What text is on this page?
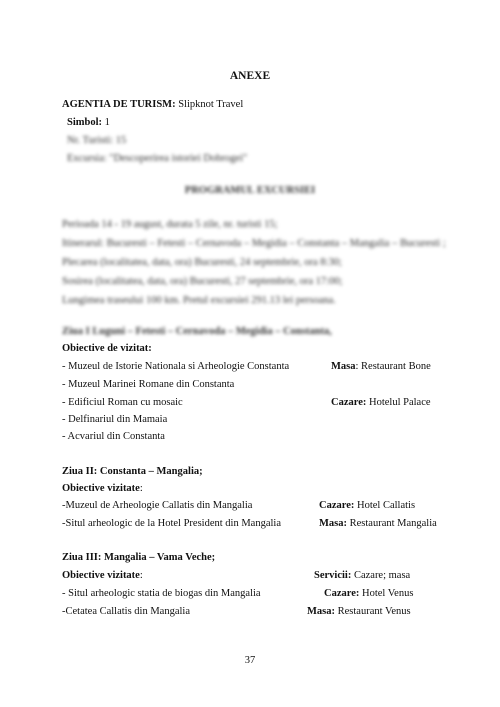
ANEXE
AGENTIA DE TURISM: Slipknot Travel
Simbol: 1
Nr. Turisti: 15
Excursia: "Descoperirea istoriei Dobrogei"
PROGRAMUL EXCURSIEI
Perioada 14 - 19 august, durata 5 zile, nr. turisti 15;
Itinerarul: Bucuresti – Fetesti – Cernavoda – Megidia – Constanta – Mangalia – Bucuresti ;
Plecarea (localitatea, data, ora) Bucuresti, 24 septembrie, ora 8:30;
Sosirea (localitatea, data, ora) Bucuresti, 27 septembrie, ora 17:00;
Lungimea traseului 100 km. Pretul excursiei 291.13 lei persoana.
Ziua I Luguni – Fetesti – Cernavoda – Megidia – Constanta,
Obiective de vizitat:
- Muzeul de Istorie Nationala si Arheologie Constanta
- Muzeul Marinei Romane din Constanta
- Edificiul Roman cu mosaic
- Delfinariul din Mamaia
- Acvariul din Constanta
Masa: Restaurant Bone
Cazare: Hotelul Palace
Ziua II: Constanta – Mangalia;
Obiective vizitate:
-Muzeul de Arheologie Callatis din Mangalia
-Situl arheologic de la Hotel President din Mangalia
Cazare: Hotel Callatis
Masa: Restaurant Mangalia
Ziua III: Mangalia – Vama Veche;
Obiective vizitate:
- Situl arheologic statia de biogas din Mangalia
-Cetatea Callatis din Mangalia
Servicii: Cazare; masa
Cazare: Hotel Venus
Masa: Restaurant Venus
37
